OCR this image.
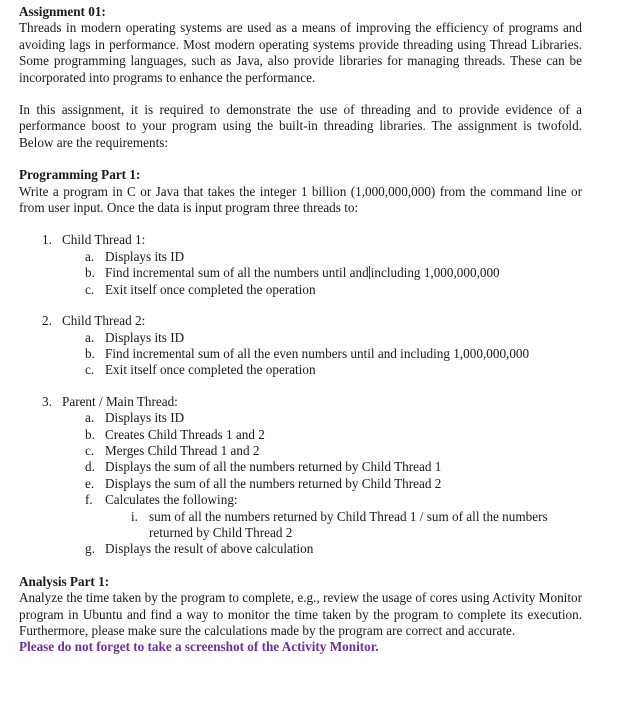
Assignment 01:

Threads in modern operating systems are used as a means of improving the efficiency of programs and avoiding lags in performance. Most modern operating systems provide threading using Thread Libraries. Some programming languages, such as Java, also provide libraries for managing threads. These can be incorporated into programs to enhance the performance.

In this assignment, it is required to demonstrate the use of threading and to provide evidence of a performance boost to your program using the built-in threading libraries. The assignment is twofold. Below are the requirements:

Programming Part 1:

Write a program in C or Java that takes the integer 1 billion (1,000,000,000) from the command line or from user input. Once the data is input program three threads to:

1. Child Thread 1:
a. Displays its ID
b. Find incremental sum of all the numbers until and including 1,000,000,000
c. Exit itself once completed the operation
2. Child Thread 2:
a. Displays its ID
b. Find incremental sum of all the even numbers until and including 1,000,000,000
c. Exit itself once completed the operation
3. Parent / Main Thread:
a. Displays its ID
b. Creates Child Threads 1 and 2
c. Merges Child Thread 1 and 2
d. Displays the sum of all the numbers returned by Child Thread 1
e. Displays the sum of all the numbers returned by Child Thread 2
f. Calculates the following:
i. sum of all the numbers returned by Child Thread 1 / sum of all the numbers returned by Child Thread 2
g. Displays the result of above calculation

Analysis Part 1:

Analyze the time taken by the program to complete, e.g., review the usage of cores using Activity Monitor program in Ubuntu and find a way to monitor the time taken by the program to complete its execution. Furthermore, please make sure the calculations made by the program are correct and accurate.

Please do not forget to take a screenshot of the Activity Monitor.
